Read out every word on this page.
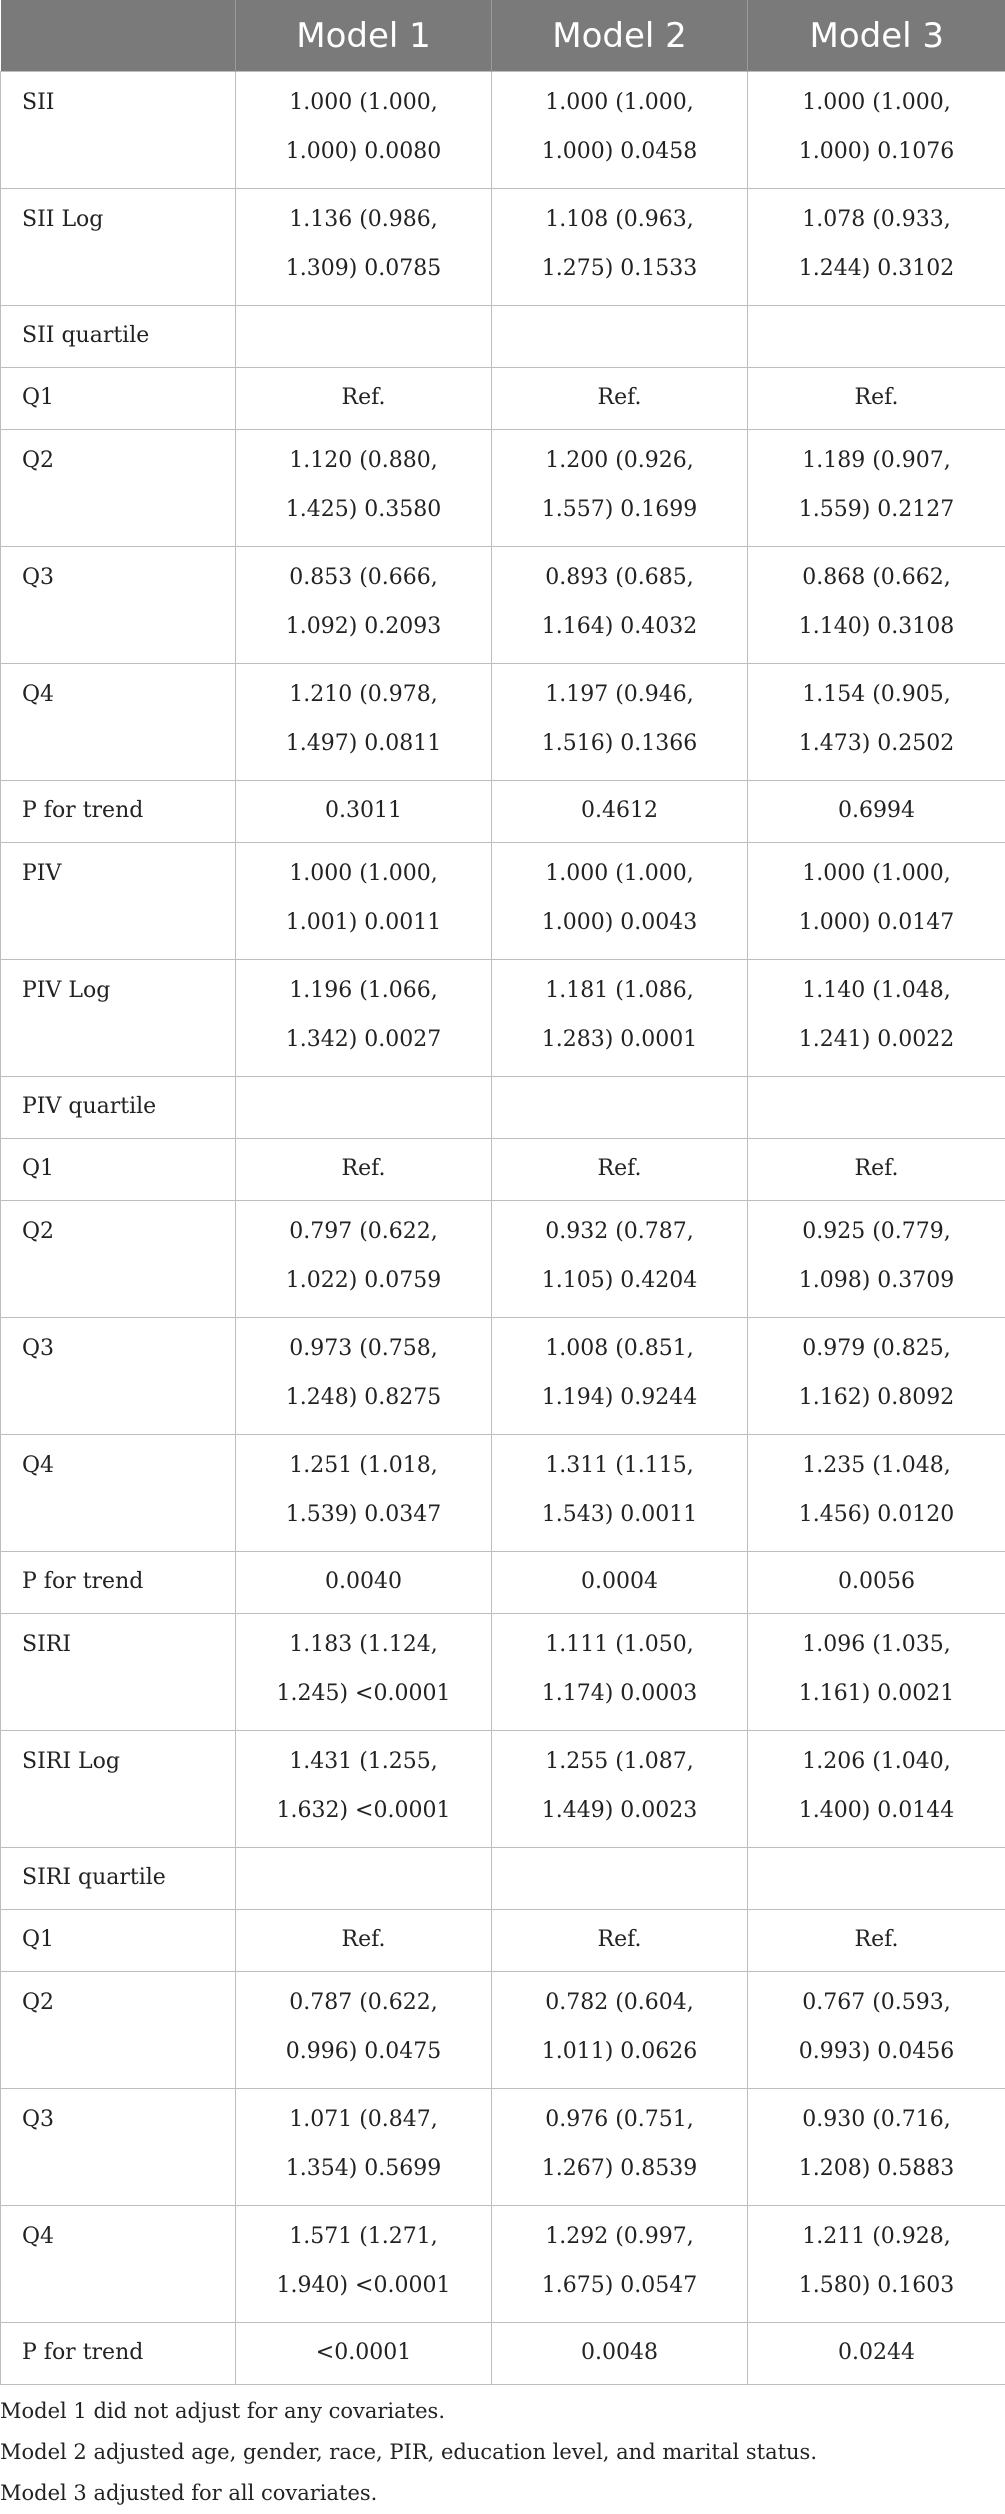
	Model 1	Model 2	Model 3
SII	1.000 (1.000, 1.000) 0.0080	1.000 (1.000, 1.000) 0.0458	1.000 (1.000, 1.000) 0.1076
SII Log	1.136 (0.986, 1.309) 0.0785	1.108 (0.963, 1.275) 0.1533	1.078 (0.933, 1.244) 0.3102
SII quartile			
Q1	Ref.	Ref.	Ref.
Q2	1.120 (0.880, 1.425) 0.3580	1.200 (0.926, 1.557) 0.1699	1.189 (0.907, 1.559) 0.2127
Q3	0.853 (0.666, 1.092) 0.2093	0.893 (0.685, 1.164) 0.4032	0.868 (0.662, 1.140) 0.3108
Q4	1.210 (0.978, 1.497) 0.0811	1.197 (0.946, 1.516) 0.1366	1.154 (0.905, 1.473) 0.2502
P for trend	0.3011	0.4612	0.6994
PIV	1.000 (1.000, 1.001) 0.0011	1.000 (1.000, 1.000) 0.0043	1.000 (1.000, 1.000) 0.0147
PIV Log	1.196 (1.066, 1.342) 0.0027	1.181 (1.086, 1.283) 0.0001	1.140 (1.048, 1.241) 0.0022
PIV quartile			
Q1	Ref.	Ref.	Ref.
Q2	0.797 (0.622, 1.022) 0.0759	0.932 (0.787, 1.105) 0.4204	0.925 (0.779, 1.098) 0.3709
Q3	0.973 (0.758, 1.248) 0.8275	1.008 (0.851, 1.194) 0.9244	0.979 (0.825, 1.162) 0.8092
Q4	1.251 (1.018, 1.539) 0.0347	1.311 (1.115, 1.543) 0.0011	1.235 (1.048, 1.456) 0.0120
P for trend	0.0040	0.0004	0.0056
SIRI	1.183 (1.124, 1.245) <0.0001	1.111 (1.050, 1.174) 0.0003	1.096 (1.035, 1.161) 0.0021
SIRI Log	1.431 (1.255, 1.632) <0.0001	1.255 (1.087, 1.449) 0.0023	1.206 (1.040, 1.400) 0.0144
SIRI quartile			
Q1	Ref.	Ref.	Ref.
Q2	0.787 (0.622, 0.996) 0.0475	0.782 (0.604, 1.011) 0.0626	0.767 (0.593, 0.993) 0.0456
Q3	1.071 (0.847, 1.354) 0.5699	0.976 (0.751, 1.267) 0.8539	0.930 (0.716, 1.208) 0.5883
Q4	1.571 (1.271, 1.940) <0.0001	1.292 (0.997, 1.675) 0.0547	1.211 (0.928, 1.580) 0.1603
P for trend	<0.0001	0.0048	0.0244
Model 1 did not adjust for any covariates.
Model 2 adjusted age, gender, race, PIR, education level, and marital status.
Model 3 adjusted for all covariates.
